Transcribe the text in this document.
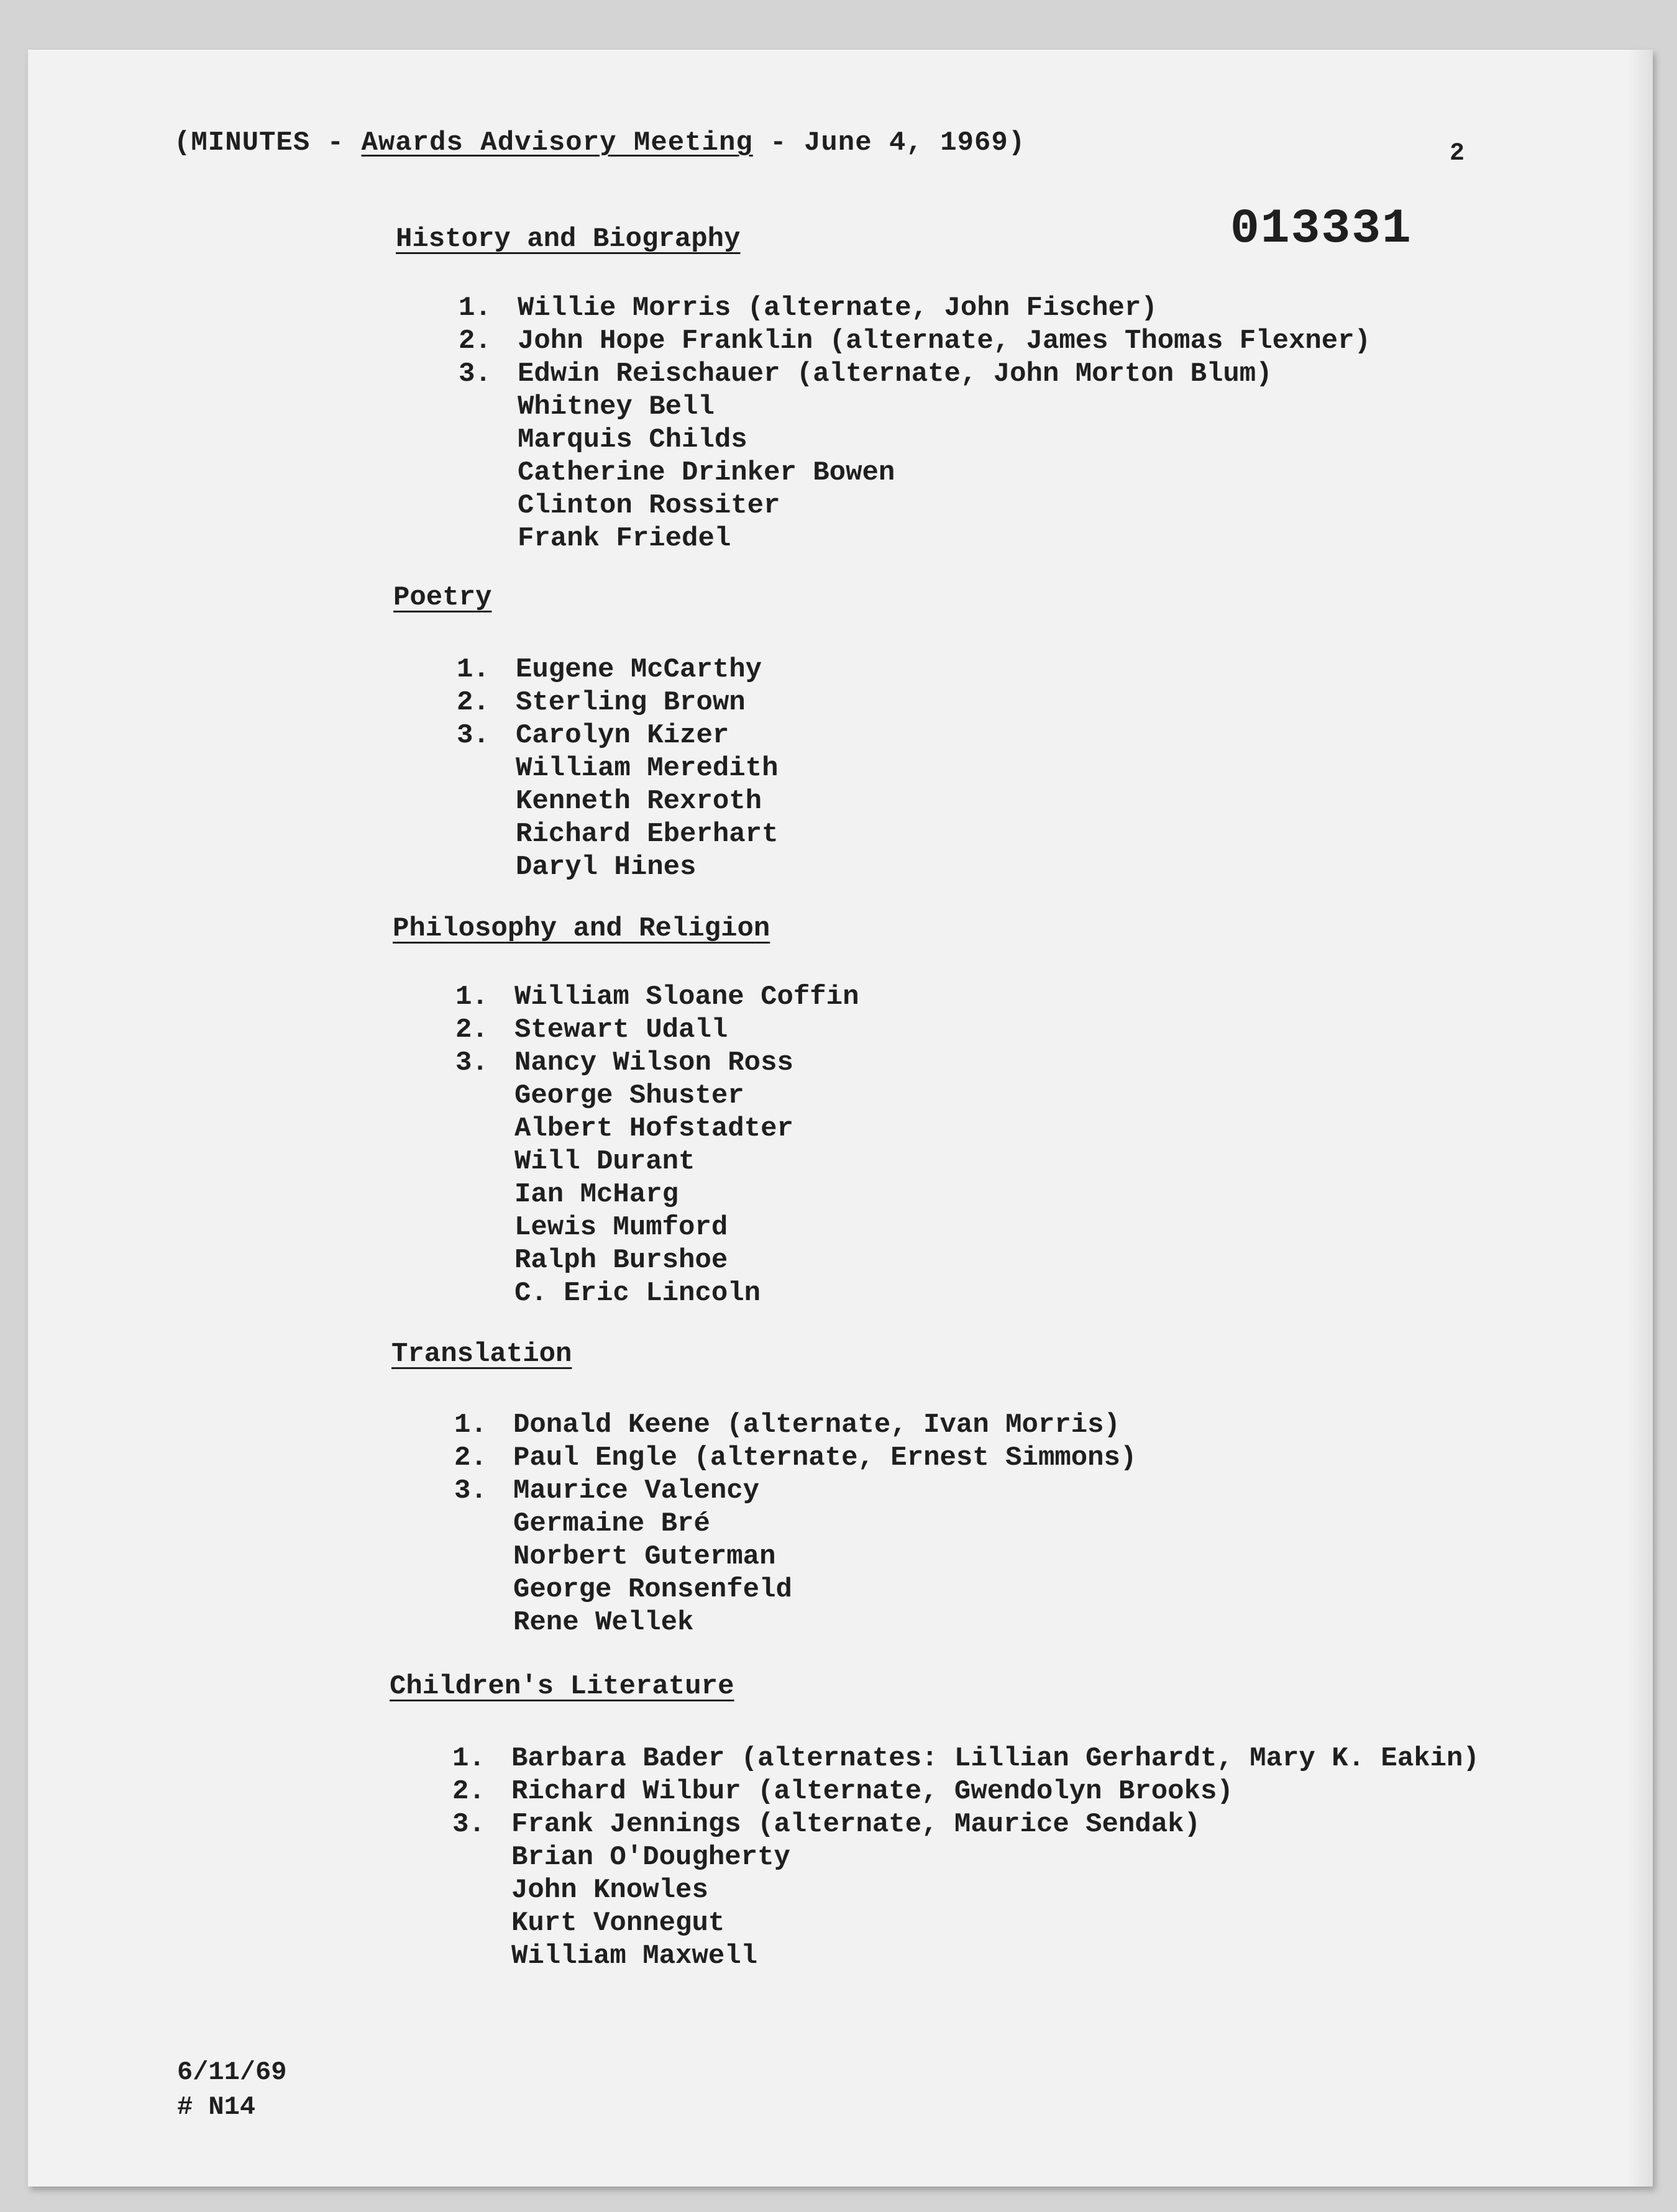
(MINUTES - Awards Advisory Meeting - June 4, 1969)	2
013331
History and Biography
1. Willie Morris (alternate, John Fischer)
2. John Hope Franklin (alternate, James Thomas Flexner)
3. Edwin Reischauer (alternate, John Morton Blum)
Whitney Bell
Marquis Childs
Catherine Drinker Bowen
Clinton Rossiter
Frank Friedel
Poetry
1. Eugene McCarthy
2. Sterling Brown
3. Carolyn Kizer
William Meredith
Kenneth Rexroth
Richard Eberhart
Daryl Hines
Philosophy and Religion
1. William Sloane Coffin
2. Stewart Udall
3. Nancy Wilson Ross
George Shuster
Albert Hofstadter
Will Durant
Ian McHarg
Lewis Mumford
Ralph Burshoe
C. Eric Lincoln
Translation
1. Donald Keene (alternate, Ivan Morris)
2. Paul Engle (alternate, Ernest Simmons)
3. Maurice Valency
Germaine Bré
Norbert Guterman
George Ronsenfeld
Rene Wellek
Children's Literature
1. Barbara Bader (alternates: Lillian Gerhardt, Mary K. Eakin)
2. Richard Wilbur (alternate, Gwendolyn Brooks)
3. Frank Jennings (alternate, Maurice Sendak)
Brian O'Dougherty
John Knowles
Kurt Vonnegut
William Maxwell
6/11/69
# N14
